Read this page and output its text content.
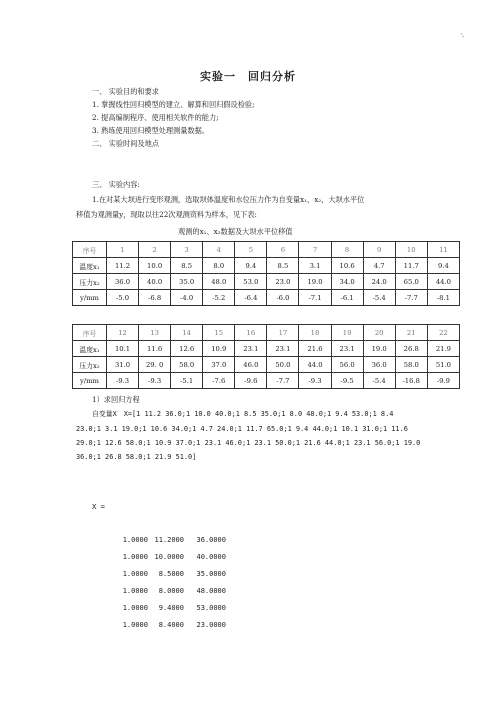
'-
实验一　回归分析
一、 实验目的和要求
1. 掌握线性回归模型的建立、解算和回归假设检验;
2. 提高编制程序、使用相关软件的能力;
3. 熟练使用回归模型处理测量数据。
二、 实验时间及地点
三、 实验内容:
1.在对某大坝进行变形观测，选取坝体温度和水位压力作为自变量x₁，x₂，大坝水平位
移值为观测量y，现取以往22次观测资料为样本，见下表:
观测的x₁、x₂数据及大坝水平位移值
序号	1	2	3	4	5	6	7	8	9	10	11
温度x₁	11.2	10.0	8.5	8.0	9.4	8.5	3.1	10.6	4.7	11.7	9.4
压力x₂	36.0	40.0	35.0	48.0	53.0	23.0	19.0	34.0	24.0	65.0	44.0
y/mm	-5.0	-6.8	-4.0	-5.2	-6.4	-6.0	-7.1	-6.1	-5.4	-7.7	-8.1
序号	12	13	14	15	16	17	18	19	20	21	22
温度x₁	10.1	11.6	12.6	10.9	23.1	23.1	21.6	23.1	19.0	26.8	21.9
压力x₂	31.0	29. 0	58.0	37.0	46.0	50.0	44.0	56.0	36.0	58.0	51.0
y/mm	-9.3	-9.3	-5.1	-7.6	-9.6	-7.7	-9.3	-9.5	-5.4	-16.8	-9.9
1）求回归方程
自变量X　X=[1 11.2 36.0;1 10.0 40.0;1 8.5 35.0;1 8.0 48.0;1 9.4 53.0;1 8.4
23.0;1 3.1 19.0;1 10.6 34.0;1 4.7 24.0;1 11.7 65.0;1 9.4 44.0;1 10.1 31.0;1 11.6
29.0;1 12.6 58.0;1 10.9 37.0;1 23.1 46.0;1 23.1 50.0;1 21.6 44.0;1 23.1 56.0;1 19.0
36.0;1 26.8 58.0;1 21.9 51.0]
X =
1.0000 11.2000	36.0000
1.0000 10.0000	40.0000
1.0000	8.5000	35.0000
1.0000	8.0000	48.0000
1.0000	9.4000	53.0000
1.0000	8.4000	23.0000
